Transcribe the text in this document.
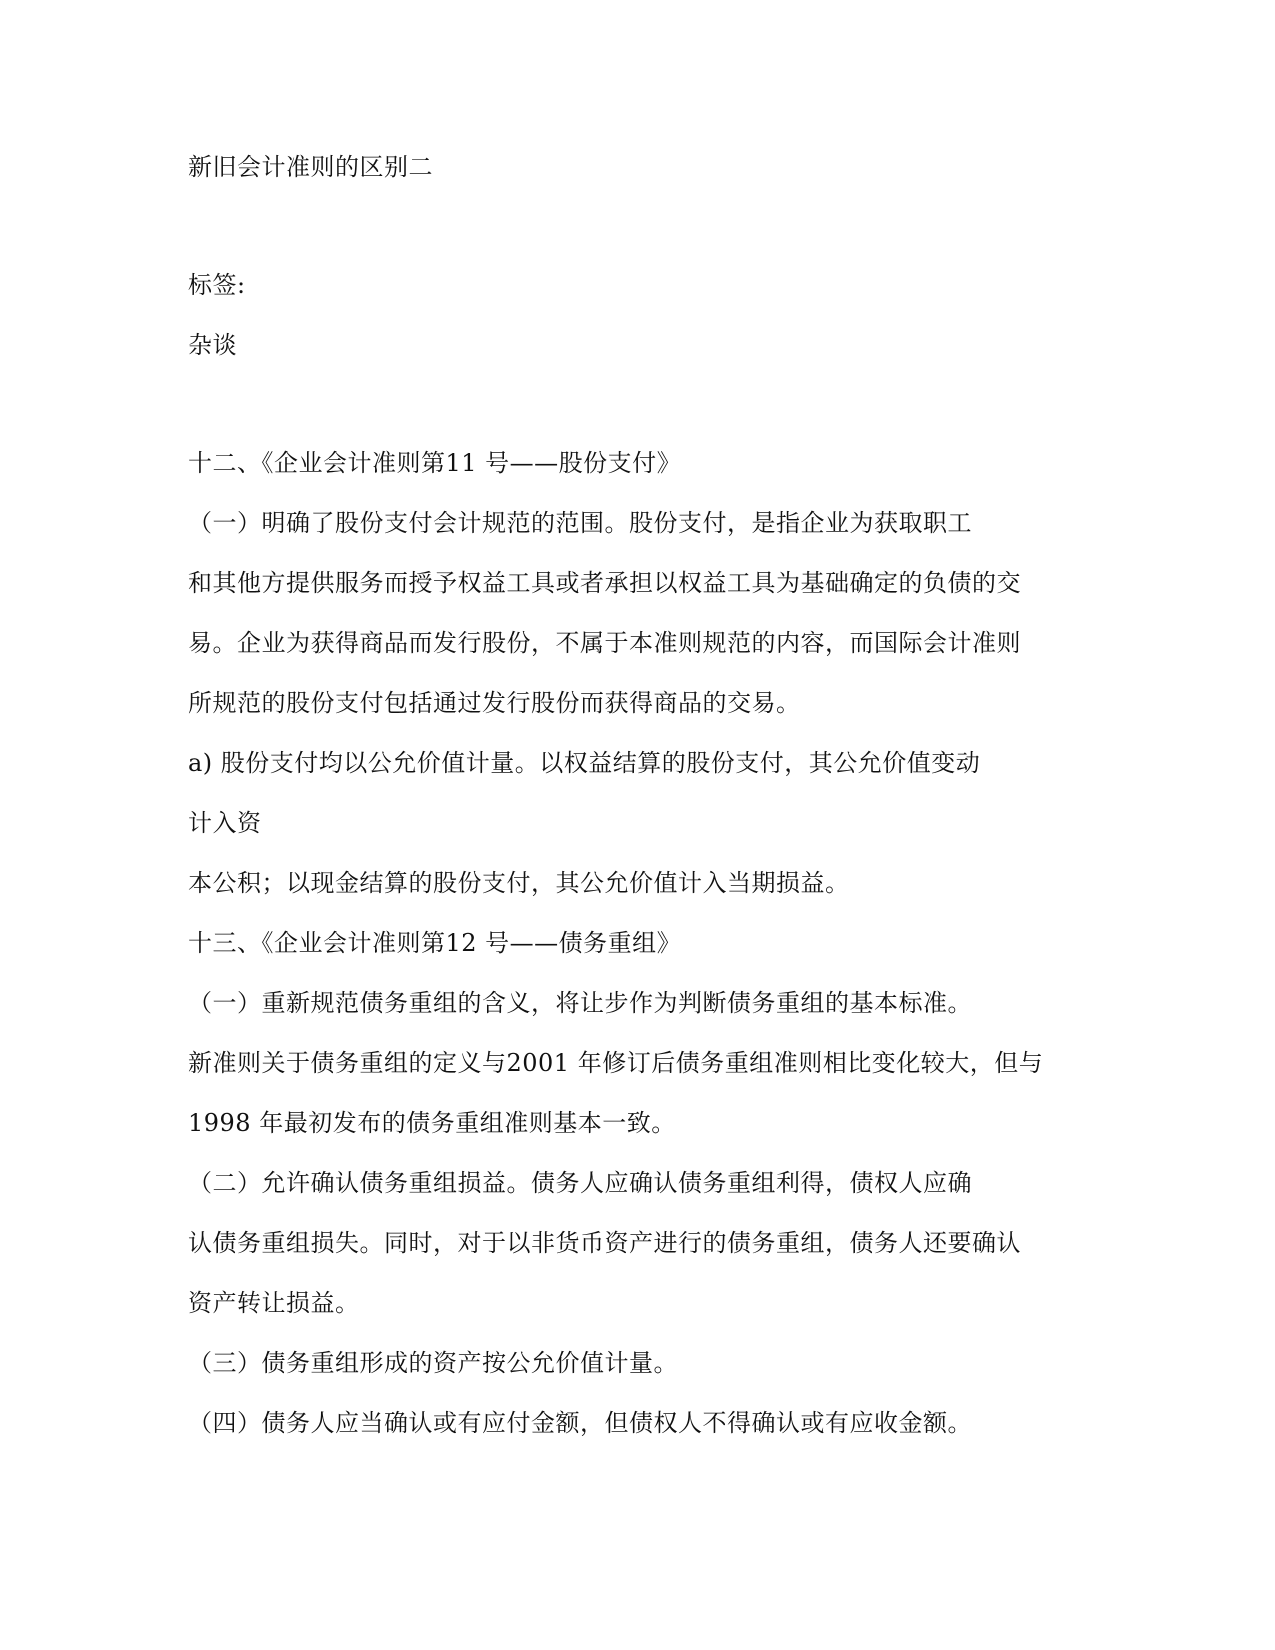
新旧会计准则的区别二
标签:
杂谈
十二、《企业会计准则第11 号——股份支付》
（一）明确了股份支付会计规范的范围。股份支付，是指企业为获取职工
和其他方提供服务而授予权益工具或者承担以权益工具为基础确定的负债的交
易。企业为获得商品而发行股份，不属于本准则规范的内容，而国际会计准则
所规范的股份支付包括通过发行股份而获得商品的交易。
a) 股份支付均以公允价值计量。以权益结算的股份支付，其公允价值变动
计入资
本公积；以现金结算的股份支付，其公允价值计入当期损益。
十三、《企业会计准则第12 号——债务重组》
（一）重新规范债务重组的含义，将让步作为判断债务重组的基本标准。
新准则关于债务重组的定义与2001 年修订后债务重组准则相比变化较大，但与
1998 年最初发布的债务重组准则基本一致。
（二）允许确认债务重组损益。债务人应确认债务重组利得，债权人应确
认债务重组损失。同时，对于以非货币资产进行的债务重组，债务人还要确认
资产转让损益。
（三）债务重组形成的资产按公允价值计量。
（四）债务人应当确认或有应付金额，但债权人不得确认或有应收金额。
